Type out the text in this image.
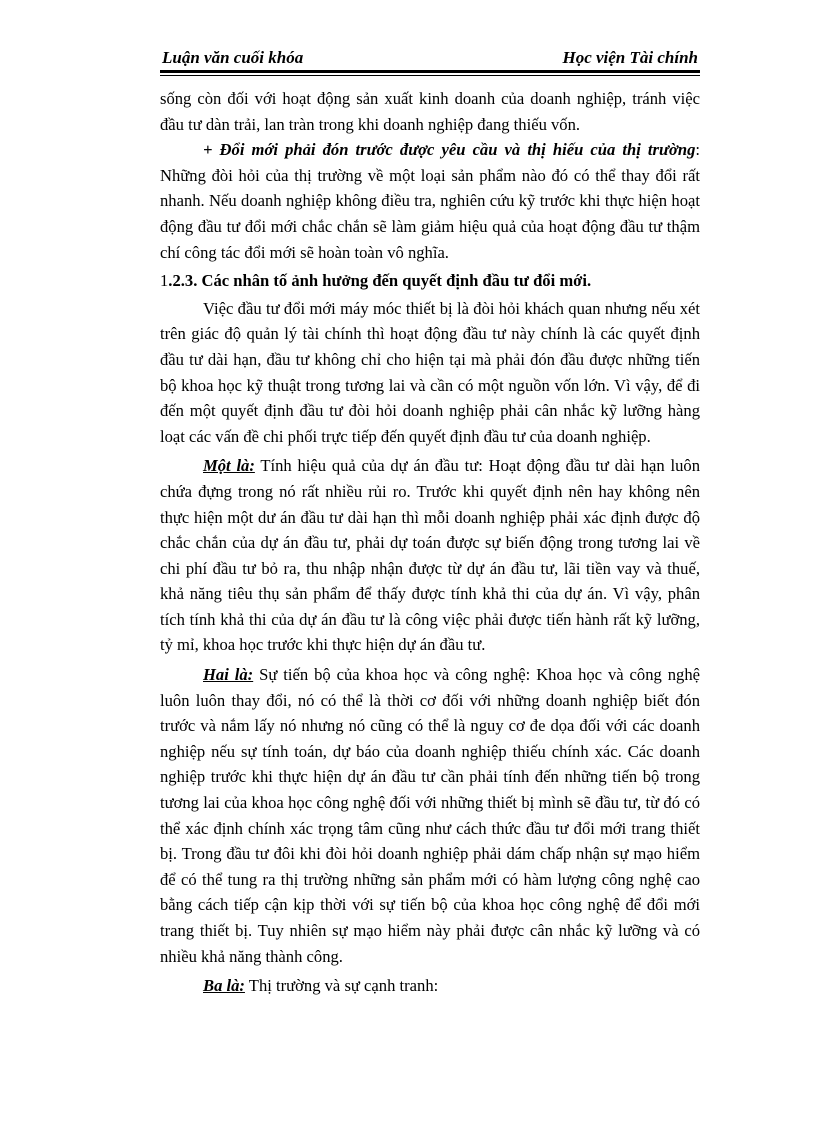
Luận văn cuối khóa	Học viện Tài chính

sống còn đối với hoạt động sản xuất kinh doanh của doanh nghiệp, tránh việc đầu tư dàn trải, lan tràn trong khi doanh nghiệp đang thiếu vốn.

+ Đổi mới phải đón trước được yêu cầu và thị hiếu của thị trường: Những đòi hỏi của thị trường về một loại sản phẩm nào đó có thể thay đổi rất nhanh. Nếu doanh nghiệp không điều tra, nghiên cứu kỹ trước khi thực hiện hoạt động đầu tư đổi mới chắc chắn sẽ làm giảm hiệu quả của hoạt động đầu tư thậm chí công tác đổi mới sẽ hoàn toàn vô nghĩa.

1.2.3. Các nhân tố ảnh hưởng đến quyết định đầu tư đổi mới.

Việc đầu tư đổi mới máy móc thiết bị là đòi hỏi khách quan nhưng nếu xét trên giác độ quản lý tài chính thì hoạt động đầu tư này chính là các quyết định đầu tư dài hạn, đầu tư không chỉ cho hiện tại mà phải đón đầu được những tiến bộ khoa học kỹ thuật trong tương lai và cần có một nguồn vốn lớn. Vì vậy, để đi đến một quyết định đầu tư đòi hỏi doanh nghiệp phải cân nhắc kỹ lưỡng hàng loạt các vấn đề chi phối trực tiếp đến quyết định đầu tư của doanh nghiệp.

Một là: Tính hiệu quả của dự án đầu tư: Hoạt động đầu tư dài hạn luôn chứa đựng trong nó rất nhiều rủi ro. Trước khi quyết định nên hay không nên thực hiện một dư án đầu tư dài hạn thì mỗi doanh nghiệp phải xác định được độ chắc chắn của dự án đầu tư, phải dự toán được sự biến động trong tương lai về chi phí đầu tư bỏ ra, thu nhập nhận được từ dự án đầu tư, lãi tiền vay và thuế, khả năng tiêu thụ sản phẩm để thấy được tính khả thi của dự án. Vì vậy, phân tích tính khả thi của dự án đầu tư là công việc phải được tiến hành rất kỹ lưỡng, tỷ mỉ, khoa học trước khi thực hiện dự án đầu tư.

Hai là: Sự tiến bộ của khoa học và công nghệ: Khoa học và công nghệ luôn luôn thay đổi, nó có thể là thời cơ đối với những doanh nghiệp biết đón trước và nắm lấy nó nhưng nó cũng có thể là nguy cơ đe dọa đối với các doanh nghiệp nếu sự tính toán, dự báo của doanh nghiệp thiếu chính xác. Các doanh nghiệp trước khi thực hiện dự án đầu tư cần phải tính đến những tiến bộ trong tương lai của khoa học công nghệ đối với những thiết bị mình sẽ đầu tư, từ đó có thể xác định chính xác trọng tâm cũng như cách thức đầu tư đổi mới trang thiết bị. Trong đầu tư đôi khi đòi hỏi doanh nghiệp phải dám chấp nhận sự mạo hiểm để có thể tung ra thị trường những sản phẩm mới có hàm lượng công nghệ cao bằng cách tiếp cận kịp thời với sự tiến bộ của khoa học công nghệ để đổi mới trang thiết bị. Tuy nhiên sự mạo hiểm này phải được cân nhắc kỹ lưỡng và có nhiều khả năng thành công.

Ba là: Thị trường và sự cạnh tranh:
